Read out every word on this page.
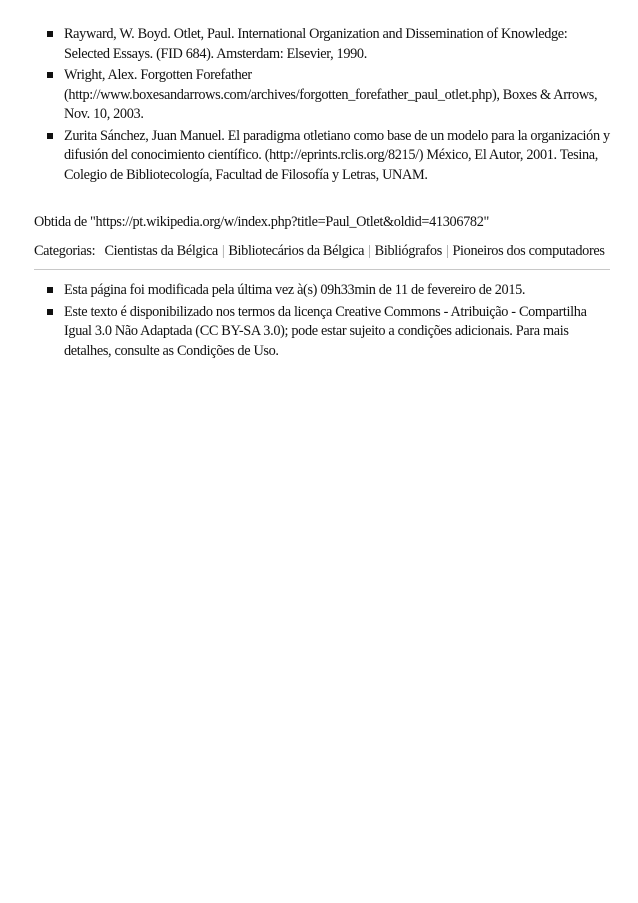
Rayward, W. Boyd. Otlet, Paul. International Organization and Dissemination of Knowledge: Selected Essays. (FID 684). Amsterdam: Elsevier, 1990.
Wright, Alex. Forgotten Forefather (http://www.boxesandarrows.com/archives/forgotten_forefather_paul_otlet.php), Boxes & Arrows, Nov. 10, 2003.
Zurita Sánchez, Juan Manuel. El paradigma otletiano como base de un modelo para la organización y difusión del conocimiento científico. (http://eprints.rclis.org/8215/) México, El Autor, 2001. Tesina, Colegio de Bibliotecología, Facultad de Filosofía y Letras, UNAM.
Obtida de "https://pt.wikipedia.org/w/index.php?title=Paul_Otlet&oldid=41306782"
Categorias: Cientistas da Bélgica | Bibliotecários da Bélgica | Bibliógrafos | Pioneiros dos computadores
Esta página foi modificada pela última vez à(s) 09h33min de 11 de fevereiro de 2015.
Este texto é disponibilizado nos termos da licença Creative Commons - Atribuição - Compartilha Igual 3.0 Não Adaptada (CC BY-SA 3.0); pode estar sujeito a condições adicionais. Para mais detalhes, consulte as Condições de Uso.
